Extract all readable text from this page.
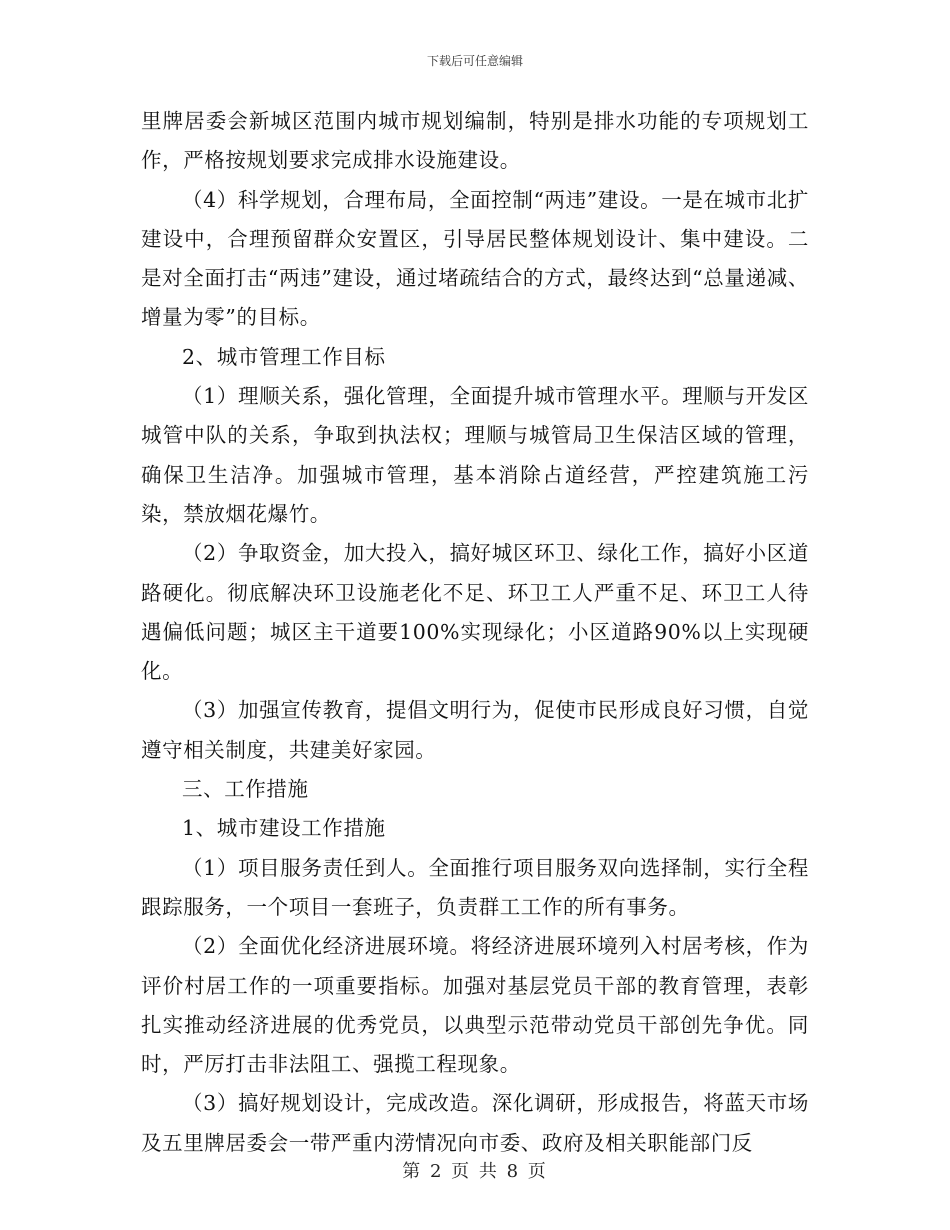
下载后可任意编辑

里牌居委会新城区范围内城市规划编制，特别是排水功能的专项规划工作，严格按规划要求完成排水设施建设。

（4）科学规划，合理布局，全面控制“两违”建设。一是在城市北扩建设中，合理预留群众安置区，引导居民整体规划设计、集中建设。二是对全面打击“两违”建设，通过堵疏结合的方式，最终达到“总量递减、增量为零”的目标。

2、城市管理工作目标

（1）理顺关系，强化管理，全面提升城市管理水平。理顺与开发区城管中队的关系，争取到执法权；理顺与城管局卫生保洁区域的管理，确保卫生洁净。加强城市管理，基本消除占道经营，严控建筑施工污染，禁放烟花爆竹。

（2）争取资金，加大投入，搞好城区环卫、绿化工作，搞好小区道路硬化。彻底解决环卫设施老化不足、环卫工人严重不足、环卫工人待遇偏低问题；城区主干道要100%实现绿化；小区道路90%以上实现硬化。

（3）加强宣传教育，提倡文明行为，促使市民形成良好习惯，自觉遵守相关制度，共建美好家园。

三、工作措施

1、城市建设工作措施

（1）项目服务责任到人。全面推行项目服务双向选择制，实行全程跟踪服务，一个项目一套班子，负责群工工作的所有事务。

（2）全面优化经济进展环境。将经济进展环境列入村居考核，作为评价村居工作的一项重要指标。加强对基层党员干部的教育管理，表彰扎实推动经济进展的优秀党员，以典型示范带动党员干部创先争优。同时，严厉打击非法阻工、强揽工程现象。

（3）搞好规划设计，完成改造。深化调研，形成报告，将蓝天市场及五里牌居委会一带严重内涝情况向市委、政府及相关职能部门反

第 2 页 共 8 页
